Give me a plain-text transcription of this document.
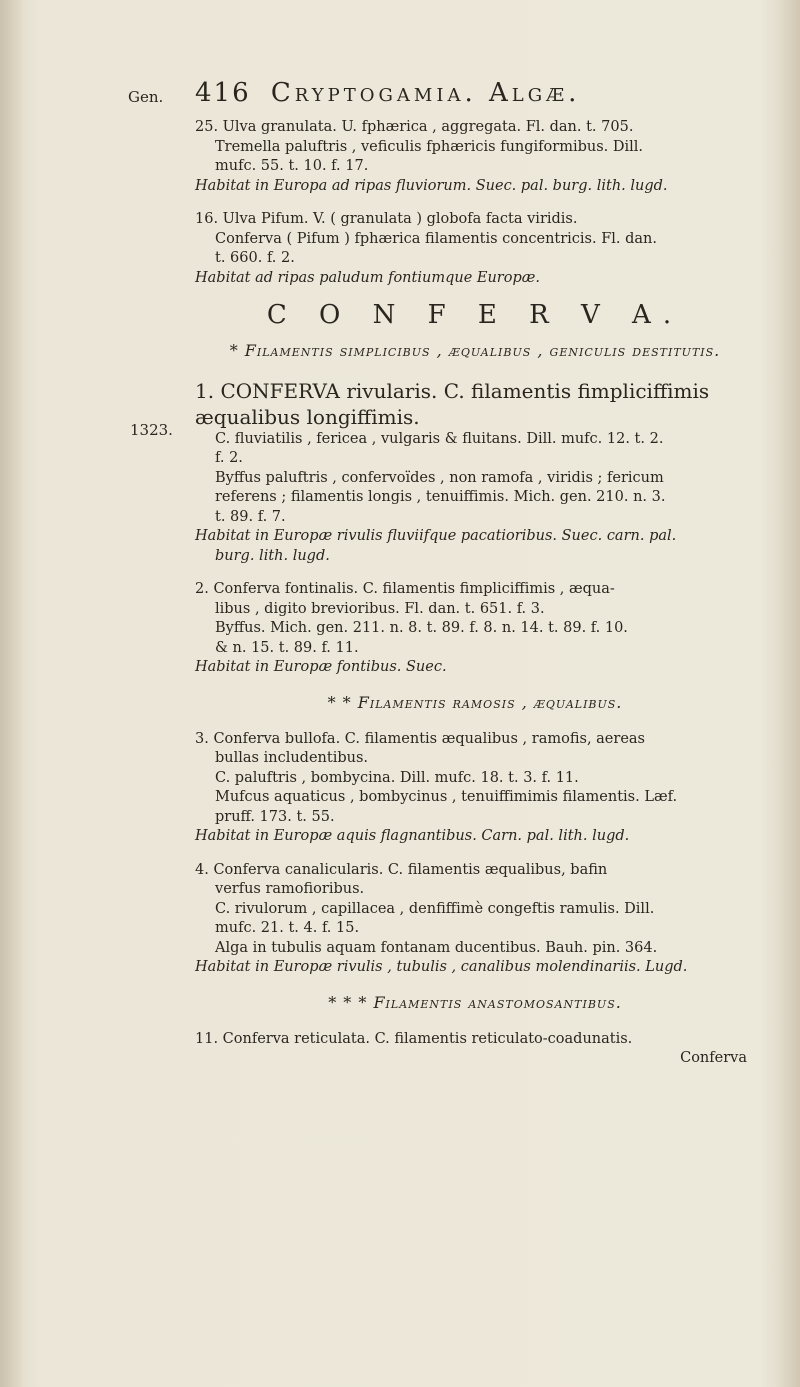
Gen.
1323.
416 Cryptogamia. Algæ.

25. Ulva granulata. U. fphærica , aggregata. Fl. dan. t. 705.

Tremella paluftris , veficulis fphæricis fungiformibus. Dill.

mufc. 55. t. 10. f. 17.

Habitat in Europa ad ripas fluviorum. Suec. pal. burg. lith. lugd.

16. Ulva Pifum. V. ( granulata ) globofa facta viridis.

Conferva ( Pifum ) fphærica filamentis concentricis. Fl. dan.

t. 660. f. 2.

Habitat ad ripas paludum fontiumque Europæ.

C O N F E R V A.
* Filamentis simplicibus , æqualibus , geniculis destitutis.

1. CONFERVA rivularis. C. filamentis fimpliciffimis æqualibus longiffimis.

C. fluviatilis , fericea , vulgaris & fluitans. Dill. mufc. 12. t. 2.

f. 2.

Byffus paluftris , confervoïdes , non ramofa , viridis ; fericum

referens ; filamentis longis , tenuiffimis. Mich. gen. 210. n. 3.

t. 89. f. 7.

Habitat in Europæ rivulis fluviifque pacatioribus. Suec. carn. pal.

burg. lith. lugd.

2. Conferva fontinalis. C. filamentis fimpliciffimis , æqua-

libus , digito brevioribus. Fl. dan. t. 651. f. 3.

Byffus. Mich. gen. 211. n. 8. t. 89. f. 8. n. 14. t. 89. f. 10.

& n. 15. t. 89. f. 11.

Habitat in Europæ fontibus. Suec.

* * Filamentis ramosis , æqualibus.

3. Conferva bullofa. C. filamentis æqualibus , ramofis, aereas

bullas includentibus.

C. paluftris , bombycina. Dill. mufc. 18. t. 3. f. 11.

Mufcus aquaticus , bombycinus , tenuiffimimis filamentis. Læf.

pruff. 173. t. 55.

Habitat in Europæ aquis flagnantibus. Carn. pal. lith. lugd.

4. Conferva canalicularis. C. filamentis æqualibus, bafin

verfus ramofioribus.

C. rivulorum , capillacea , denfiffimè congeftis ramulis. Dill.

mufc. 21. t. 4. f. 15.

Alga in tubulis aquam fontanam ducentibus. Bauh. pin. 364.

Habitat in Europæ rivulis , tubulis , canalibus molendinariis. Lugd.

* * * Filamentis anastomosantibus.

11. Conferva reticulata. C. filamentis reticulato-coadunatis.

Conferva
